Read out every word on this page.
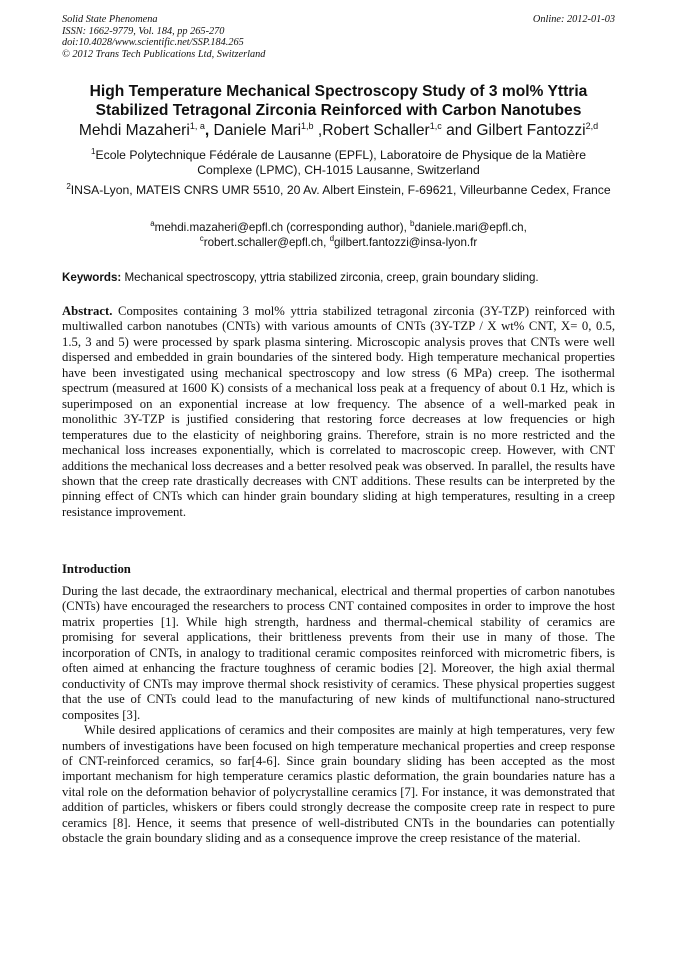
Solid State Phenomena
ISSN: 1662-9779, Vol. 184, pp 265-270
doi:10.4028/www.scientific.net/SSP.184.265
© 2012 Trans Tech Publications Ltd, Switzerland
Online: 2012-01-03
High Temperature Mechanical Spectroscopy Study of 3 mol% Yttria Stabilized Tetragonal Zirconia Reinforced with Carbon Nanotubes
Mehdi Mazaheri$^{1, a}$, Daniele Mari$^{1,b}$ ,Robert Schaller$^{1,c}$ and Gilbert Fantozzi$^{2,d}$
$^1$Ecole Polytechnique Fédérale de Lausanne (EPFL), Laboratoire de Physique de la Matière Complexe (LPMC), CH-1015 Lausanne, Switzerland
$^2$INSA-Lyon, MATEIS CNRS UMR 5510, 20 Av. Albert Einstein, F-69621, Villeurbanne Cedex, France
$^a$mehdi.mazaheri@epfl.ch (corresponding author), $^b$daniele.mari@epfl.ch,
$^c$robert.schaller@epfl.ch, $^d$gilbert.fantozzi@insa-lyon.fr
Keywords: Mechanical spectroscopy, yttria stabilized zirconia, creep, grain boundary sliding.
Abstract. Composites containing 3 mol% yttria stabilized tetragonal zirconia (3Y-TZP) reinforced with multiwalled carbon nanotubes (CNTs) with various amounts of CNTs (3Y-TZP / X wt% CNT, X= 0, 0.5, 1.5, 3 and 5) were processed by spark plasma sintering. Microscopic analysis proves that CNTs were well dispersed and embedded in grain boundaries of the sintered body. High temperature mechanical properties have been investigated using mechanical spectroscopy and low stress (6 MPa) creep. The isothermal spectrum (measured at 1600 K) consists of a mechanical loss peak at a frequency of about 0.1 Hz, which is superimposed on an exponential increase at low frequency. The absence of a well-marked peak in monolithic 3Y-TZP is justified considering that restoring force decreases at low frequencies or high temperatures due to the elasticity of neighboring grains. Therefore, strain is no more restricted and the mechanical loss increases exponentially, which is correlated to macroscopic creep. However, with CNT additions the mechanical loss decreases and a better resolved peak was observed. In parallel, the results have shown that the creep rate drastically decreases with CNT additions. These results can be interpreted by the pinning effect of CNTs which can hinder grain boundary sliding at high temperatures, resulting in a creep resistance improvement.
Introduction

During the last decade, the extraordinary mechanical, electrical and thermal properties of carbon nanotubes (CNTs) have encouraged the researchers to process CNT contained composites in order to improve the host matrix properties [1]. While high strength, hardness and thermal-chemical stability of ceramics are promising for several applications, their brittleness prevents from their use in many of those. The incorporation of CNTs, in analogy to traditional ceramic composites reinforced with micrometric fibers, is often aimed at enhancing the fracture toughness of ceramic bodies [2]. Moreover, the high axial thermal conductivity of CNTs may improve thermal shock resistivity of ceramics. These physical properties suggest that the use of CNTs could lead to the manufacturing of new kinds of multifunctional nano-structured composites [3].

While desired applications of ceramics and their composites are mainly at high temperatures, very few numbers of investigations have been focused on high temperature mechanical properties and creep response of CNT-reinforced ceramics, so far[4-6]. Since grain boundary sliding has been accepted as the most important mechanism for high temperature ceramics plastic deformation, the grain boundaries nature has a vital role on the deformation behavior of polycrystalline ceramics [7]. For instance, it was demonstrated that addition of particles, whiskers or fibers could strongly decrease the composite creep rate in respect to pure ceramics [8]. Hence, it seems that presence of well-distributed CNTs in the boundaries can potentially obstacle the grain boundary sliding and as a consequence improve the creep resistance of the material.
